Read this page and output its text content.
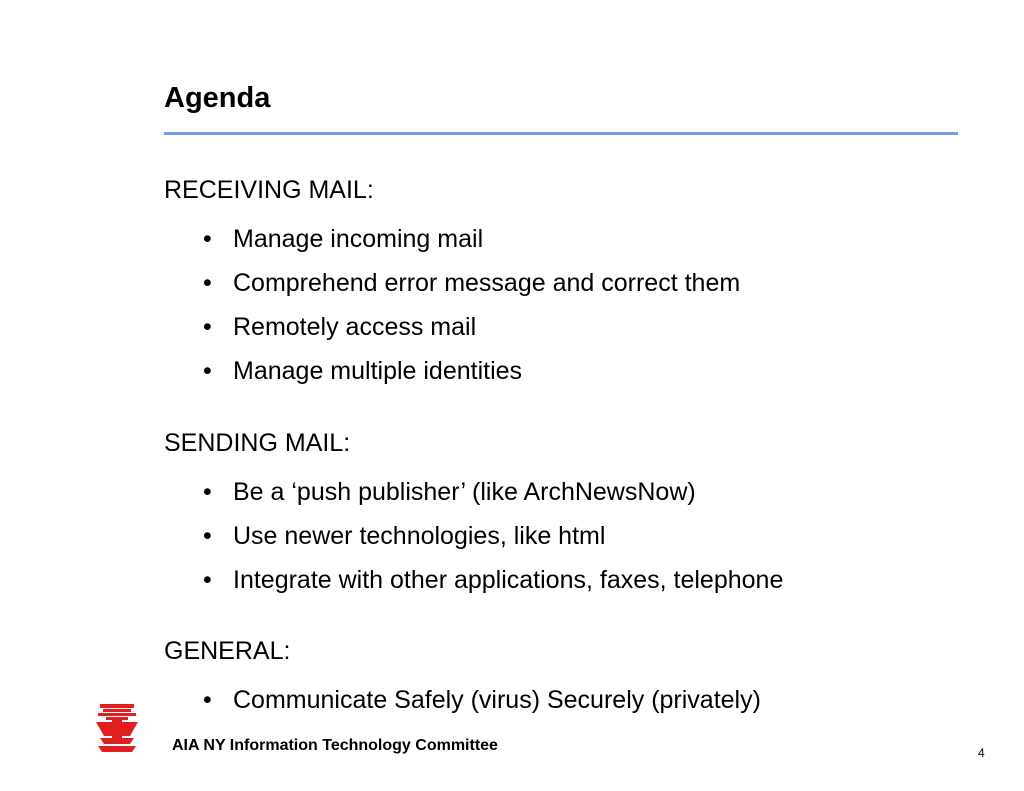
Agenda
RECEIVING MAIL:
• Manage incoming mail
• Comprehend error message and correct them
• Remotely access mail
• Manage multiple identities
SENDING MAIL:
• Be a ‘push publisher’ (like ArchNewsNow)
• Use newer technologies, like html
• Integrate with other applications, faxes, telephone
GENERAL:
• Communicate Safely (virus) Securely (privately)
AIA NY Information Technology Committee	4
